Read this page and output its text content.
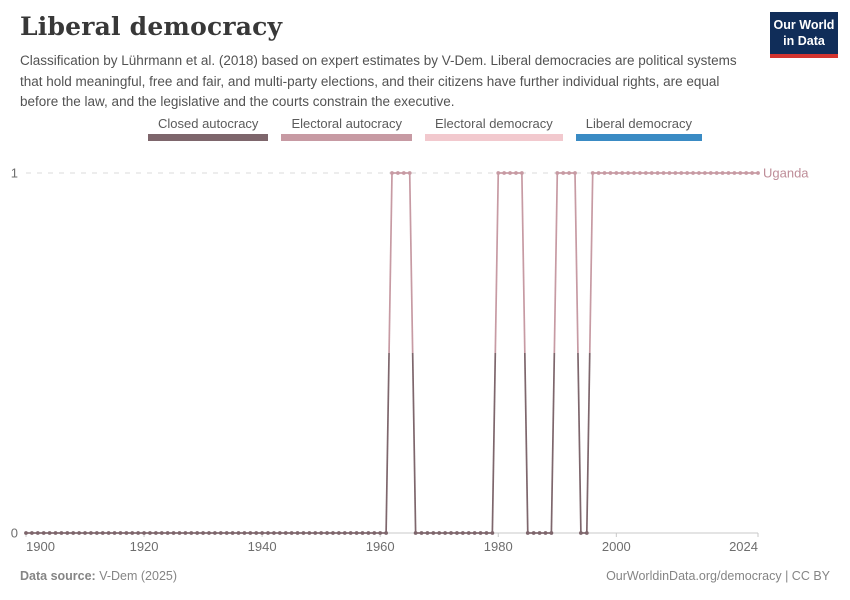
Liberal democracy	Our World
in Data
Classification by Lührmann et al. (2018) based on expert estimates by V-Dem. Liberal democracies are political systems that hold meaningful, free and fair, and multi-party elections, and their citizens have further individual rights, are equal before the law, and the legislative and the courts constrain the executive.
Closed autocracy	Electoral autocracy	Electoral democracy	Liberal democracy
1900	1920	1940	1960	1980	2000	2024
0
1	Uganda
Data source: V-Dem (2025)	OurWorldinData.org/democracy | CC BY
